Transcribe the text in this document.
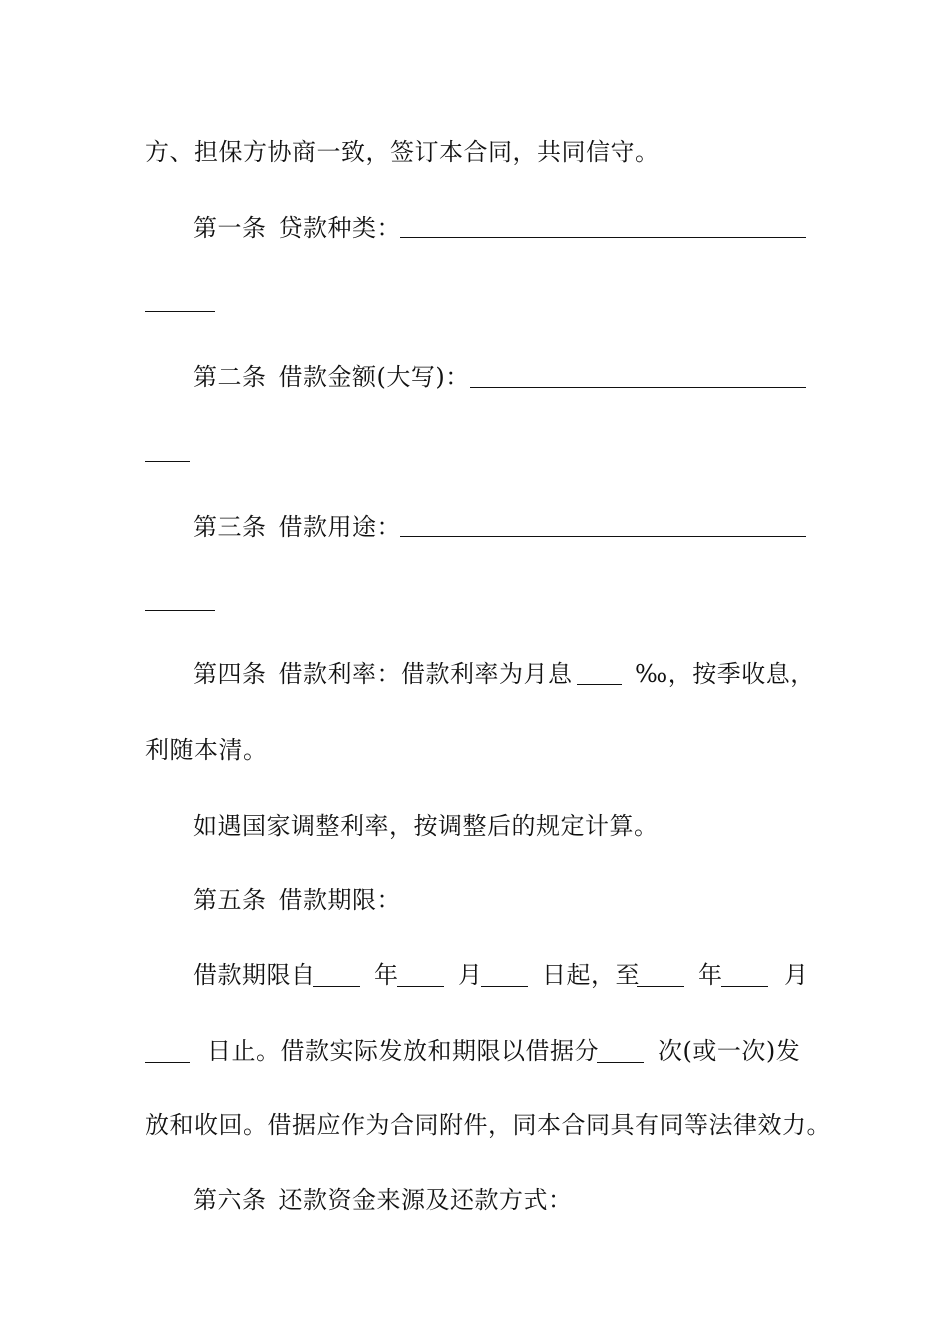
方、担保方协商一致，签订本合同，共同信守。
第一条 贷款种类：
第二条 借款金额(大写)：
第三条 借款用途：
第四条 借款利率：借款利率为月息	‰，按季收息，
利随本清。
如遇国家调整利率，按调整后的规定计算。
第五条 借款期限：
借款期限自	年 月 日起，至 年	月
日止。借款实际发放和期限以借据分	次(或一次)发
放和收回。借据应作为合同附件，同本合同具有同等法律效力。
第六条 还款资金来源及还款方式：
